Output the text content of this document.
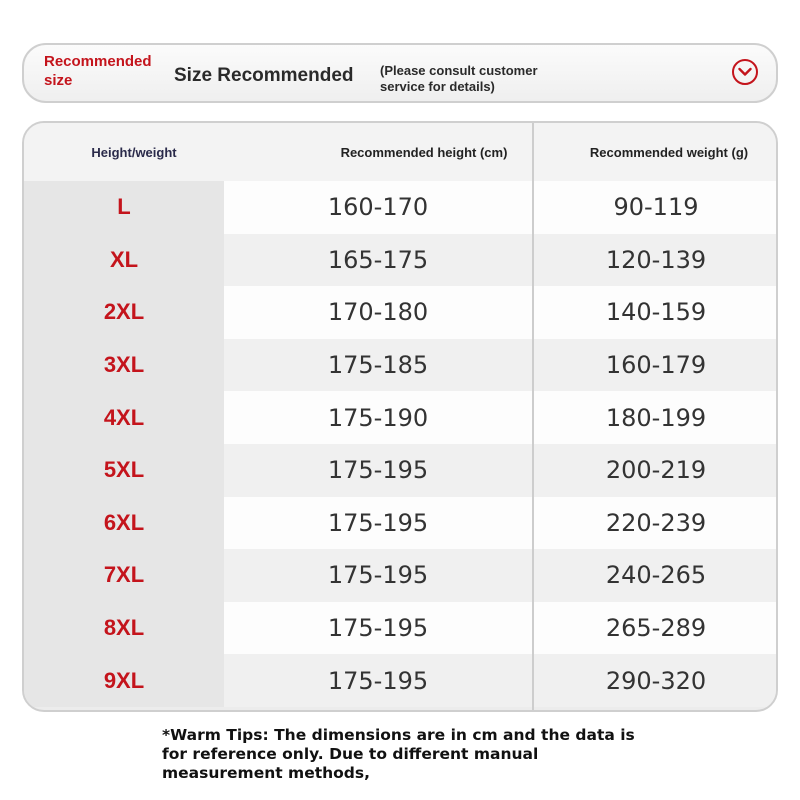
Recommended size	Size Recommended (Please consult customer service for details)
Height/weight	Recommended height (cm)	Recommended weight (g)
L	160-170	90-119
XL	165-175	120-139
2XL	170-180	140-159
3XL	175-185	160-179
4XL	175-190	180-199
5XL	175-195	200-219
6XL	175-195	220-239
7XL	175-195	240-265
8XL	175-195	265-289
9XL	175-195	290-320
*Warm Tips: The dimensions are in cm and the data is for reference only. Due to different manual measurement methods,
